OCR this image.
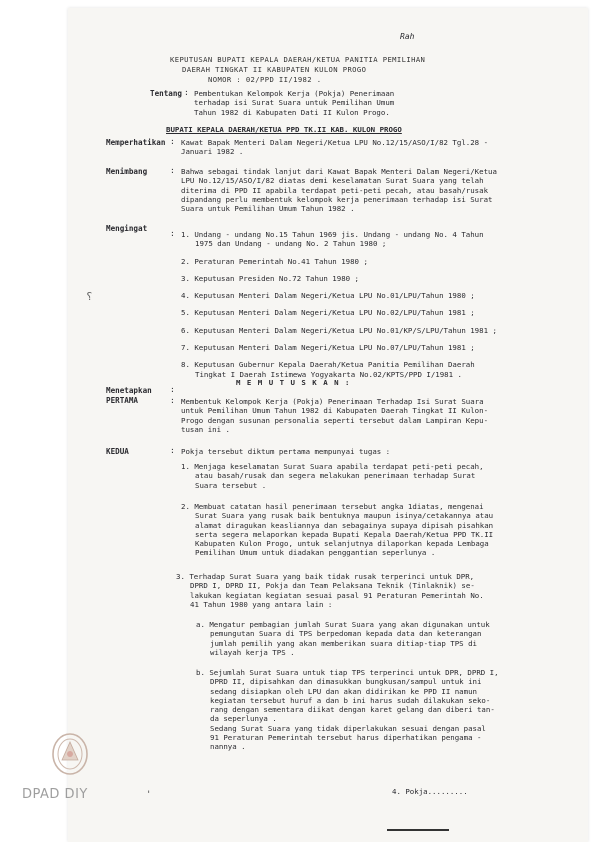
Rah
KEPUTUSAN BUPATI KEPALA DAERAH/KETUA PANITIA PEMILIHAN
DAERAH TINGKAT II KABUPATEN KULON PROGO
NOMOR : 02/PPD II/1982 .
Tentang : Pembentukan Kelompok Kerja (Pokja) Penerimaan
terhadap isi Surat Suara untuk Pemilihan Umum
Tahun 1982 di Kabupaten Dati II Kulon Progo.
BUPATI KEPALA DAERAH/KETUA PPD TK.II KAB. KULON PROGO
Memperhatikan : Kawat Bapak Menteri Dalam Negeri/Ketua LPU No.12/15/ASO/I/82 Tgl.28 -
Januari 1982 .
Menimbang	: Bahwa sebagai tindak lanjut dari Kawat Bapak Menteri Dalam Negeri/Ketua
LPU No.12/15/ASO/I/82 diatas demi keselamatan Surat Suara yang telah
diterima di PPD II apabila terdapat peti-peti pecah, atau basah/rusak
dipandang perlu membentuk kelompok kerja penerimaan terhadap isi Surat
Suara untuk Pemilihan Umum Tahun 1982 .
Mengingat
: 1. Undang - undang No.15 Tahun 1969 jis. Undang - undang No. 4 Tahun
1975 dan Undang - undang No. 2 Tahun 1980 ;
2. Peraturan Pemerintah No.41 Tahun 1980 ;
3. Keputusan Presiden No.72 Tahun 1980 ;
4. Keputusan Menteri Dalam Negeri/Ketua LPU No.01/LPU/Tahun 1980 ;
5. Keputusan Menteri Dalam Negeri/Ketua LPU No.02/LPU/Tahun 1981 ;
6. Keputusan Menteri Dalam Negeri/Ketua LPU No.01/KP/S/LPU/Tahun 1981 ;
7. Keputusan Menteri Dalam Negeri/Ketua LPU No.07/LPU/Tahun 1981 ;
8. Keputusan Gubernur Kepala Daerah/Ketua Panitia Pemilihan Daerah
Tingkat I Daerah Istimewa Yogyakarta No.02/KPTS/PPD I/1981 .
Menetapkan :
M E M U T U S K A N :
PERTAMA	: Membentuk Kelompok Kerja (Pokja) Penerimaan Terhadap Isi Surat Suara
untuk Pemilihan Umum Tahun 1982 di Kabupaten Daerah Tingkat II Kulon-
Progo dengan susunan personalia seperti tersebut dalam Lampiran Kepu-
tusan ini .
KEDUA	: Pokja tersebut diktum pertama mempunyai tugas :
1. Menjaga keselamatan Surat Suara apabila terdapat peti-peti pecah,
atau basah/rusak dan segera melakukan penerimaan terhadap Surat
Suara tersebut .
2. Membuat catatan hasil penerimaan tersebut angka 1diatas, mengenai
Surat Suara yang rusak baik bentuknya maupun isinya/cetakannya atau
alamat diragukan keasliannya dan sebagainya supaya dipisah pisahkan
serta segera melaporkan kepada Bupati Kepala Daerah/Ketua PPD TK.II
Kabupaten Kulon Progo, untuk selanjutnya dilaporkan kepada Lembaga
Pemilihan Umum untuk diadakan penggantian seperlunya .
3. Terhadap Surat Suara yang baik tidak rusak terperinci untuk DPR,
DPRD I, DPRD II, Pokja dan Team Pelaksana Teknik (Tinlaknik) se-
lakukan kegiatan kegiatan sesuai pasal 91 Peraturan Pemerintah No.
41 Tahun 1980 yang antara lain :
a. Mengatur pembagian jumlah Surat Suara yang akan digunakan untuk
pemungutan Suara di TPS berpedoman kepada data dan keterangan
jumlah pemilih yang akan memberikan suara ditiap-tiap TPS di
wilayah kerja TPS .
b. Sejumlah Surat Suara untuk tiap TPS terperinci untuk DPR, DPRD I,
DPRD II, dipisahkan dan dimasukkan bungkusan/sampul untuk ini
sedang disiapkan oleh LPU dan akan didirikan ke PPD II namun
kegiatan tersebut huruf a dan b ini harus sudah dilakukan seko-
rang dengan sementara diikat dengan karet gelang dan diberi tan-
da seperlunya .
Sedang Surat Suara yang tidak diperlakukan sesuai dengan pasal
91 Peraturan Pemerintah tersebut harus diperhatikan pengama -
nannya .
4. Pokja.........
⸮
'
DPAD DIY
